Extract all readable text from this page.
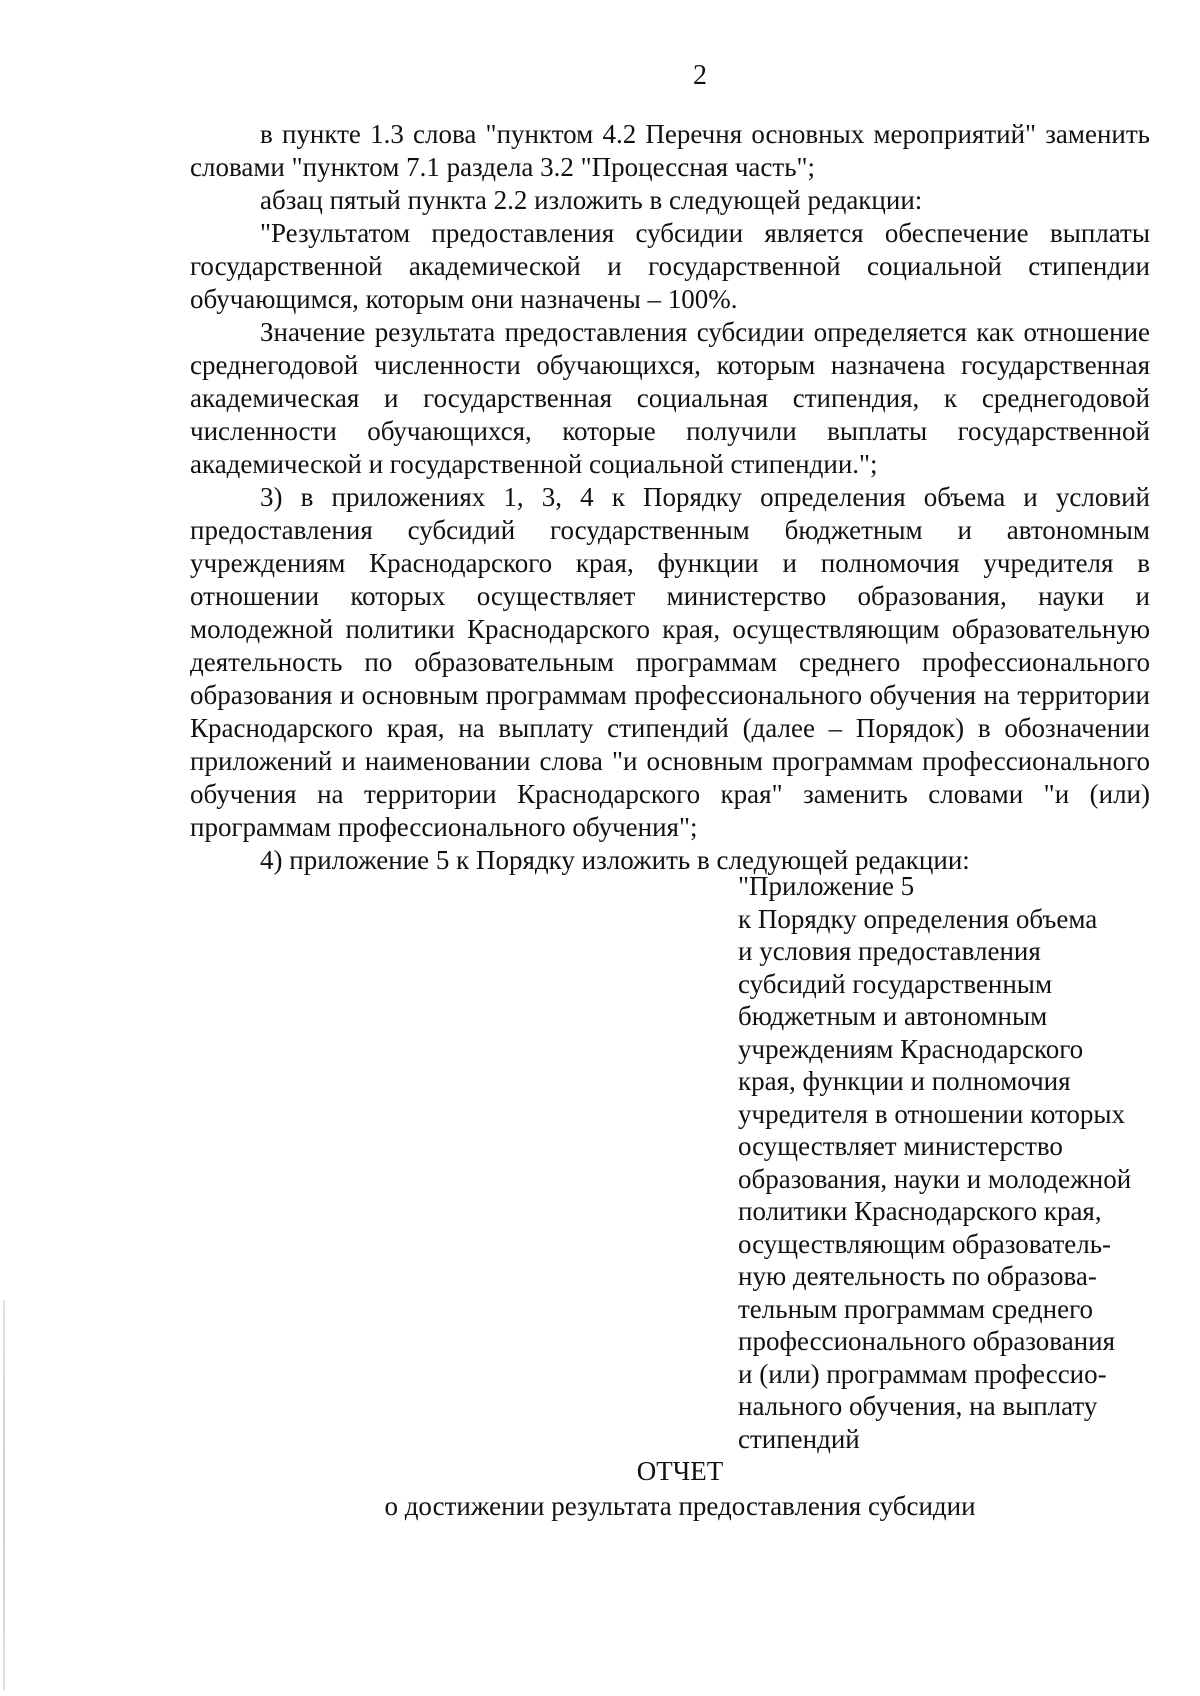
2

в пункте 1.3 слова "пунктом 4.2 Перечня основных мероприятий" заменить словами "пунктом 7.1 раздела 3.2 "Процессная часть";

абзац пятый пункта 2.2 изложить в следующей редакции:

"Результатом предоставления субсидии является обеспечение выплаты государственной академической и государственной социальной стипендии обучающимся, которым они назначены – 100%.

Значение результата предоставления субсидии определяется как отношение среднегодовой численности обучающихся, которым назначена государственная академическая и государственная социальная стипендия, к среднегодовой численности обучающихся, которые получили выплаты государственной академической и государственной социальной стипендии.";

3) в приложениях 1, 3, 4 к Порядку определения объема и условий предоставления субсидий государственным бюджетным и автономным учреждениям Краснодарского края, функции и полномочия учредителя в отношении которых осуществляет министерство образования, науки и молодежной политики Краснодарского края, осуществляющим образовательную деятельность по образовательным программам среднего профессионального образования и основным программам профессионального обучения на территории Краснодарского края, на выплату стипендий (далее – Порядок) в обозначении приложений и наименовании слова "и основным программам профессионального обучения на территории Краснодарского края" заменить словами "и (или) программам профессионального обучения";

4) приложение 5 к Порядку изложить в следующей редакции:

"Приложение 5
к Порядку определения объема
и условия предоставления
субсидий государственным
бюджетным и автономным
учреждениям Краснодарского
края, функции и полномочия
учредителя в отношении которых
осуществляет министерство
образования, науки и молодежной
политики Краснодарского края,
осуществляющим образователь-
ную деятельность по образова-
тельным программам среднего
профессионального образования
и (или) программам профессио-
нального обучения, на выплату
стипендий
ОТЧЕТ
о достижении результата предоставления субсидии
